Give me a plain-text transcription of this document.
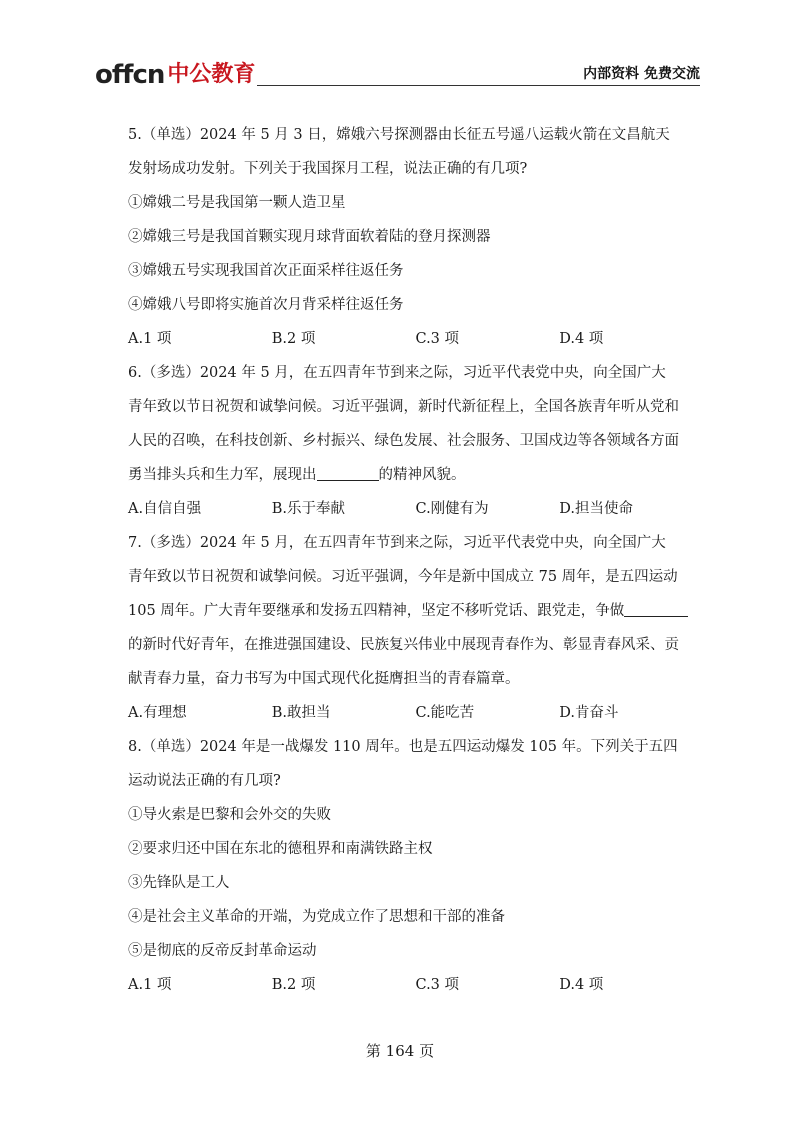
offcn 中公教育	内部资料 免费交流

5.（单选）2024 年 5 月 3 日，嫦娥六号探测器由长征五号遥八运载火箭在文昌航天

发射场成功发射。下列关于我国探月工程，说法正确的有几项?

①嫦娥二号是我国第一颗人造卫星

②嫦娥三号是我国首颗实现月球背面软着陆的登月探测器

③嫦娥五号实现我国首次正面采样往返任务

④嫦娥八号即将实施首次月背采样往返任务

A.1 项	B.2 项	C.3 项	D.4 项

6.（多选）2024 年 5 月，在五四青年节到来之际，习近平代表党中央，向全国广大

青年致以节日祝贺和诚挚问候。习近平强调，新时代新征程上，全国各族青年听从党和

人民的召唤，在科技创新、乡村振兴、绿色发展、社会服务、卫国戍边等各领域各方面

勇当排头兵和生力军，展现出	的精神风貌。

A.自信自强	B.乐于奉献	C.刚健有为	D.担当使命

7.（多选）2024 年 5 月，在五四青年节到来之际，习近平代表党中央，向全国广大

青年致以节日祝贺和诚挚问候。习近平强调，今年是新中国成立 75 周年，是五四运动

105 周年。广大青年要继承和发扬五四精神，坚定不移听党话、跟党走，争做

的新时代好青年，在推进强国建设、民族复兴伟业中展现青春作为、彰显青春风采、贡

献青春力量，奋力书写为中国式现代化挺膺担当的青春篇章。

A.有理想	B.敢担当	C.能吃苦	D.肯奋斗

8.（单选）2024 年是一战爆发 110 周年。也是五四运动爆发 105 年。下列关于五四

运动说法正确的有几项?

①导火索是巴黎和会外交的失败

②要求归还中国在东北的德租界和南满铁路主权

③先锋队是工人

④是社会主义革命的开端，为党成立作了思想和干部的准备

⑤是彻底的反帝反封革命运动

A.1 项	B.2 项	C.3 项	D.4 项
第 164 页
